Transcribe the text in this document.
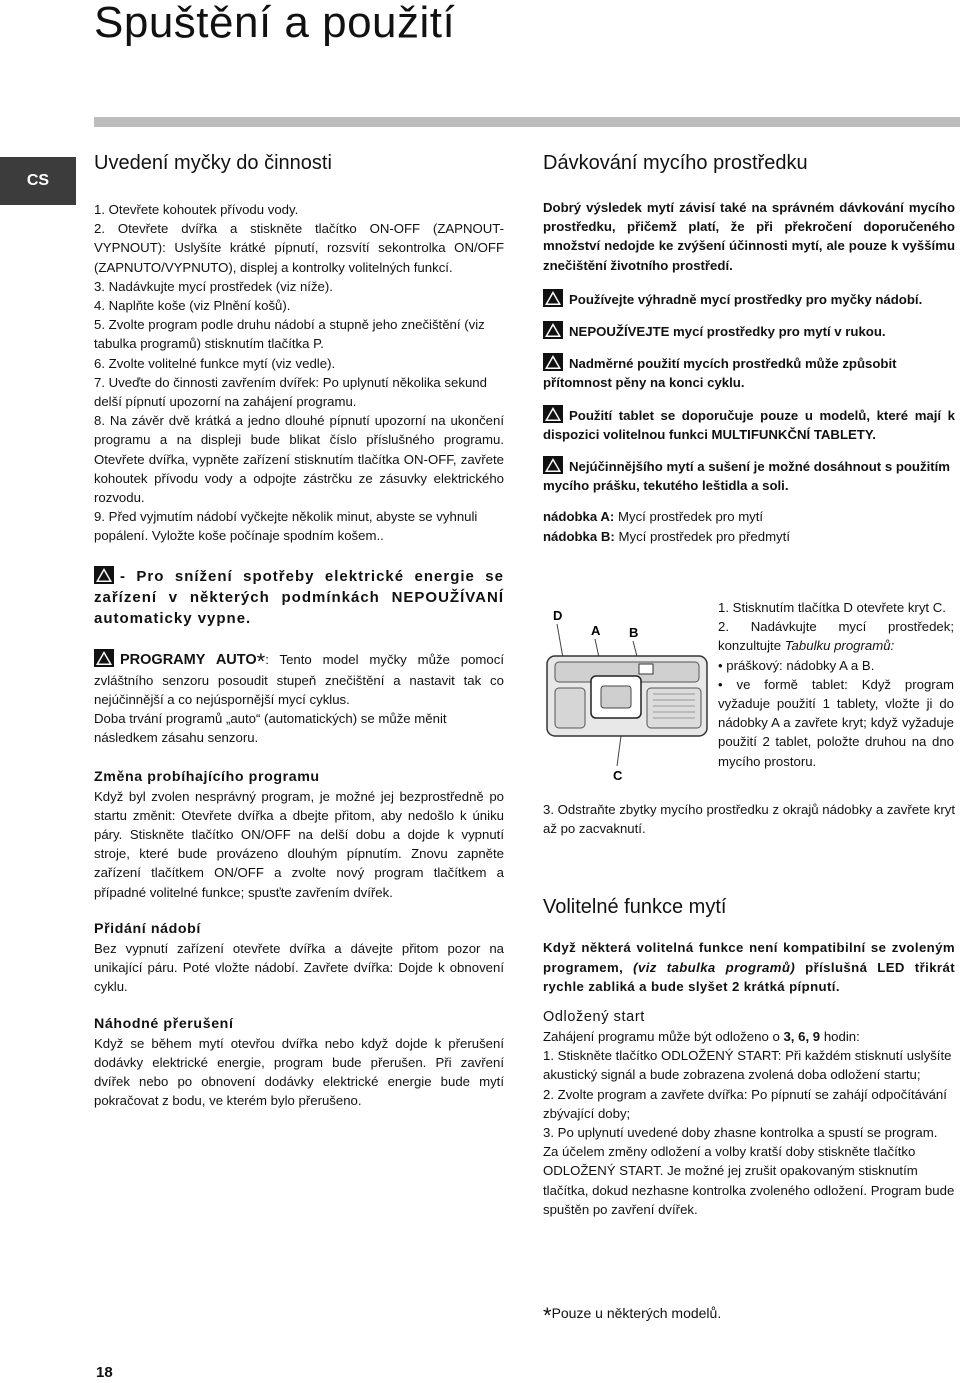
Spuštění a použití
CS
Uvedení myčky do činnosti

1. Otevřete kohoutek přívodu vody.

2. Otevřete dvířka a stiskněte tlačítko ON-OFF (ZAPNOUT-VYPNOUT): Uslyšíte krátké pípnutí, rozsvítí sekontrolka ON/OFF (ZAPNUTO/VYPNUTO), displej a kontrolky volitelných funkcí.

3. Nadávkujte mycí prostředek (viz níže).

4. Naplňte koše (viz Plnění košů).

5. Zvolte program podle druhu nádobí a stupně jeho znečištění (viz tabulka programů) stisknutím tlačítka P.

6. Zvolte volitelné funkce mytí (viz vedle).

7. Uveďte do činnosti zavřením dvířek: Po uplynutí několika sekund delší pípnutí upozorní na zahájení programu.

8. Na závěr dvě krátká a jedno dlouhé pípnutí upozorní na ukončení programu a na displeji bude blikat číslo příslušného programu. Otevřete dvířka, vypněte zařízení stisknutím tlačítka ON-OFF, zavřete kohoutek přívodu vody a odpojte zástrčku ze zásuvky elektrického rozvodu.

9. Před vyjmutím nádobí vyčkejte několik minut, abyste se vyhnuli popálení. Vyložte koše počínaje spodním košem..

- Pro snížení spotřeby elektrické energie se zařízení v některých podmínkách NEPOUŽÍVANÍ automaticky vypne.

PROGRAMY AUTO*: Tento model myčky může pomocí zvláštního senzoru posoudit stupeň znečištění a nastavit tak co nejúčinnější a co nejúspornější mycí cyklus.

Doba trvání programů „auto“ (automatických) se může měnit následkem zásahu senzoru.

Změna probíhajícího programu

Když byl zvolen nesprávný program, je možné jej bezprostředně po startu změnit: Otevřete dvířka a dbejte přitom, aby nedošlo k úniku páry. Stiskněte tlačítko ON/OFF na delší dobu a dojde k vypnutí stroje, které bude provázeno dlouhým pípnutím. Znovu zapněte zařízení tlačítkem ON/OFF a zvolte nový program tlačítkem a případné volitelné funkce; spusťte zavřením dvířek.

Přidání nádobí

Bez vypnutí zařízení otevřete dvířka a dávejte přitom pozor na unikající páru. Poté vložte nádobí. Zavřete dvířka: Dojde k obnovení cyklu.

Náhodné přerušení

Když se během mytí otevřou dvířka nebo když dojde k přerušení dodávky elektrické energie, program bude přerušen. Při zavření dvířek nebo po obnovení dodávky elektrické energie bude mytí pokračovat z bodu, ve kterém bylo přerušeno.

Dávkování mycího prostředku

Dobrý výsledek mytí závisí také na správném dávkování mycího prostředku, přičemž platí, že při překročení doporučeného množství nedojde ke zvýšení účinnosti mytí, ale pouze k vyššímu znečištění životního prostředí.

Používejte výhradně mycí prostředky pro myčky nádobí.

NEPOUŽÍVEJTE mycí prostředky pro mytí v rukou.

Nadměrné použití mycích prostředků může způsobit přítomnost pěny na konci cyklu.

Použití tablet se doporučuje pouze u modelů, které mají k dispozici volitelnou funkci MULTIFUNKČNÍ TABLETY.

Nejúčinnějšího mytí a sušení je možné dosáhnout s použitím mycího prášku, tekutého leštidla a soli.

nádobka A: Mycí prostředek pro mytí

nádobka B: Mycí prostředek pro předmytí

D
A B
C

1. Stisknutím tlačítka D otevřete kryt C.

2. Nadávkujte mycí prostředek; konzultujte Tabulku programů:

• práškový: nádobky A a B.

• ve formě tablet: Když program vyžaduje použití 1 tablety, vložte ji do nádobky A a zavřete kryt; když vyžaduje použití 2 tablet, položte druhou na dno mycího prostoru.

3. Odstraňte zbytky mycího prostředku z okrajů nádobky a zavřete kryt až po zacvaknutí.

Volitelné funkce mytí

Když některá volitelná funkce není kompatibilní se zvoleným programem, (viz tabulka programů) příslušná LED třikrát rychle zabliká a bude slyšet 2 krátká pípnutí.

Odložený start

Zahájení programu může být odloženo o 3, 6, 9 hodin:

1. Stiskněte tlačítko ODLOŽENÝ START: Při každém stisknutí uslyšíte akustický signál a bude zobrazena zvolená doba odložení startu;

2. Zvolte program a zavřete dvířka: Po pípnutí se zahájí odpočítávání zbývající doby;

3. Po uplynutí uvedené doby zhasne kontrolka a spustí se program. Za účelem změny odložení a volby kratší doby stiskněte tlačítko ODLOŽENÝ START. Je možné jej zrušit opakovaným stisknutím tlačítka, dokud nezhasne kontrolka zvoleného odložení. Program bude spuštěn po zavření dvířek.

*Pouze u některých modelů.
18
